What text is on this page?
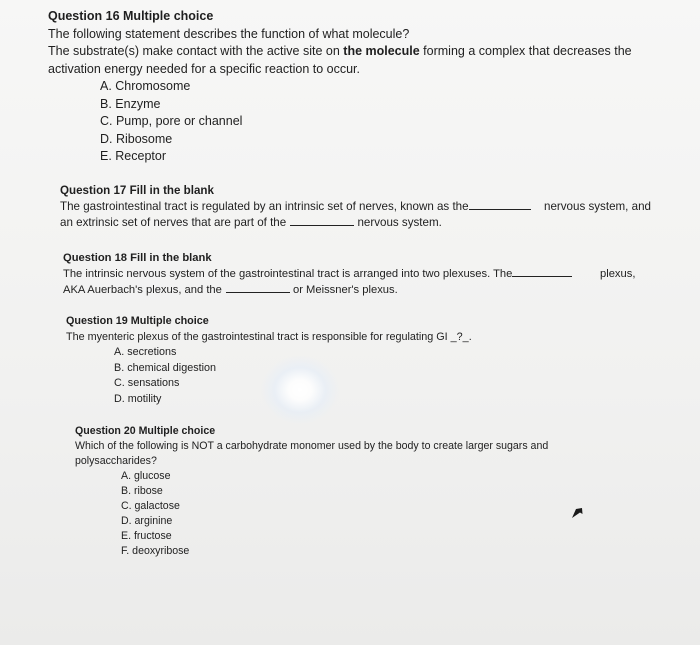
Question 16 Multiple choice
The following statement describes the function of what molecule?
The substrate(s) make contact with the active site on the molecule forming a complex that decreases the
activation energy needed for a specific reaction to occur.
A. Chromosome
B. Enzyme
C. Pump, pore or channel
D. Ribosome
E. Receptor
Question 17 Fill in the blank
The gastrointestinal tract is regulated by an intrinsic set of nerves, known as the	nervous system, and
an extrinsic set of nerves that are part of the	nervous system.
Question 18 Fill in the blank
The intrinsic nervous system of the gastrointestinal tract is arranged into two plexuses. The	plexus,
AKA Auerbach's plexus, and the	or Meissner's plexus.
Question 19 Multiple choice
The myenteric plexus of the gastrointestinal tract is responsible for regulating GI _?_.
A. secretions
B. chemical digestion
C. sensations
D. motility
Question 20 Multiple choice
Which of the following is NOT a carbohydrate monomer used by the body to create larger sugars and
polysaccharides?
A. glucose
B. ribose
C. galactose
D. arginine
E. fructose
F. deoxyribose
